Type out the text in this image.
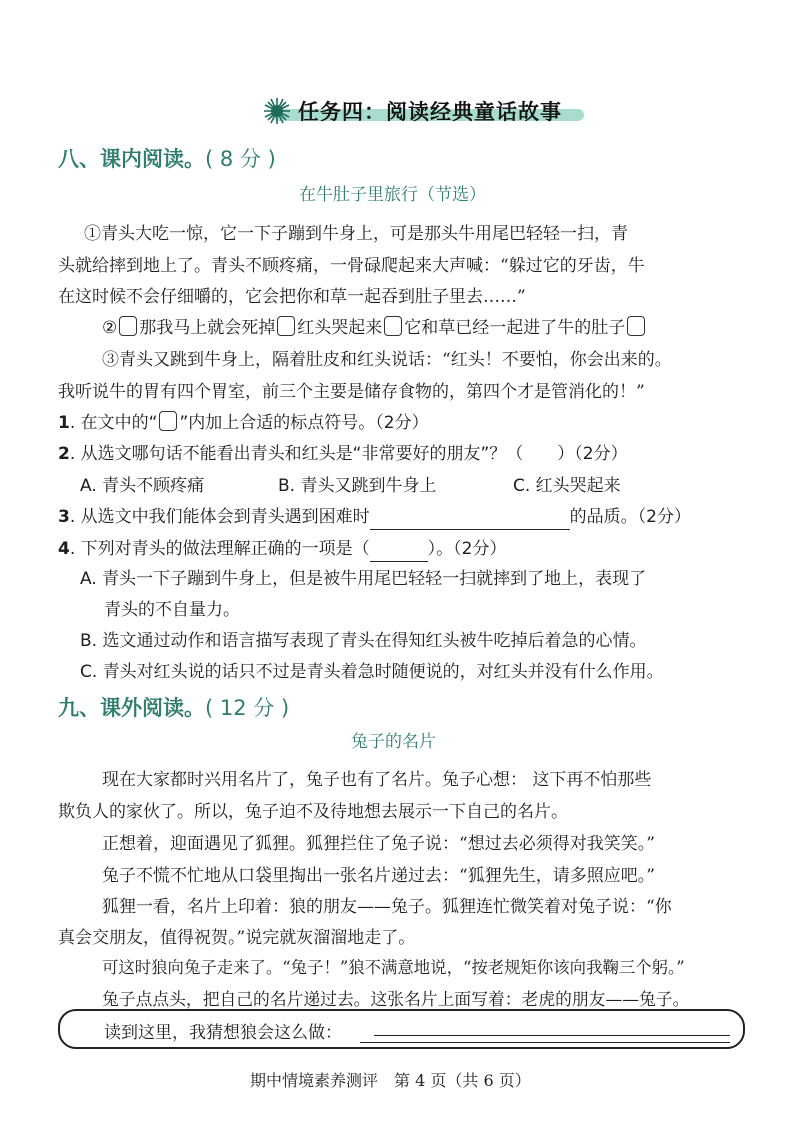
任务四：阅读经典童话故事
八、课内阅读。( 8 分 )
在牛肚子里旅行（节选）
①青头大吃一惊，它一下子蹦到牛身上，可是那头牛用尾巴轻轻一扫，青
头就给摔到地上了。青头不顾疼痛，一骨碌爬起来大声喊：“躲过它的牙齿，牛
在这时候不会仔细嚼的，它会把你和草一起吞到肚子里去……”
② 那我马上就会死掉 红头哭起来 它和草已经一起进了牛的肚子
③青头又跳到牛身上，隔着肚皮和红头说话：“红头！不要怕，你会出来的。
我听说牛的胃有四个胃室，前三个主要是储存食物的，第四个才是管消化的！”
1. 在文中的“ ”内加上合适的标点符号。（2分）
2. 从选文哪句话不能看出青头和红头是“非常要好的朋友”？（　　）（2分）
A. 青头不顾疼痛	B. 青头又跳到牛身上	C. 红头哭起来
3. 从选文中我们能体会到青头遇到困难时	的品质。（2分）
4. 下列对青头的做法理解正确的一项是（	）。（2分）
A. 青头一下子蹦到牛身上，但是被牛用尾巴轻轻一扫就摔到了地上，表现了
青头的不自量力。
B. 选文通过动作和语言描写表现了青头在得知红头被牛吃掉后着急的心情。
C. 青头对红头说的话只不过是青头着急时随便说的，对红头并没有什么作用。
九、课外阅读。( 12 分 )
兔子的名片
现在大家都时兴用名片了，兔子也有了名片。兔子心想： 这下再不怕那些
欺负人的家伙了。所以，兔子迫不及待地想去展示一下自己的名片。
正想着，迎面遇见了狐狸。狐狸拦住了兔子说：“想过去必须得对我笑笑。”
兔子不慌不忙地从口袋里掏出一张名片递过去：“狐狸先生，请多照应吧。”
狐狸一看，名片上印着：狼的朋友——兔子。狐狸连忙微笑着对兔子说：“你
真会交朋友，值得祝贺。”说完就灰溜溜地走了。
可这时狼向兔子走来了。“兔子！”狼不满意地说，“按老规矩你该向我鞠三个躬。”
兔子点点头，把自己的名片递过去。这张名片上面写着：老虎的朋友——兔子。
读到这里，我猜想狼会这么做：
期中情境素养测评　第 4 页（共 6 页）
